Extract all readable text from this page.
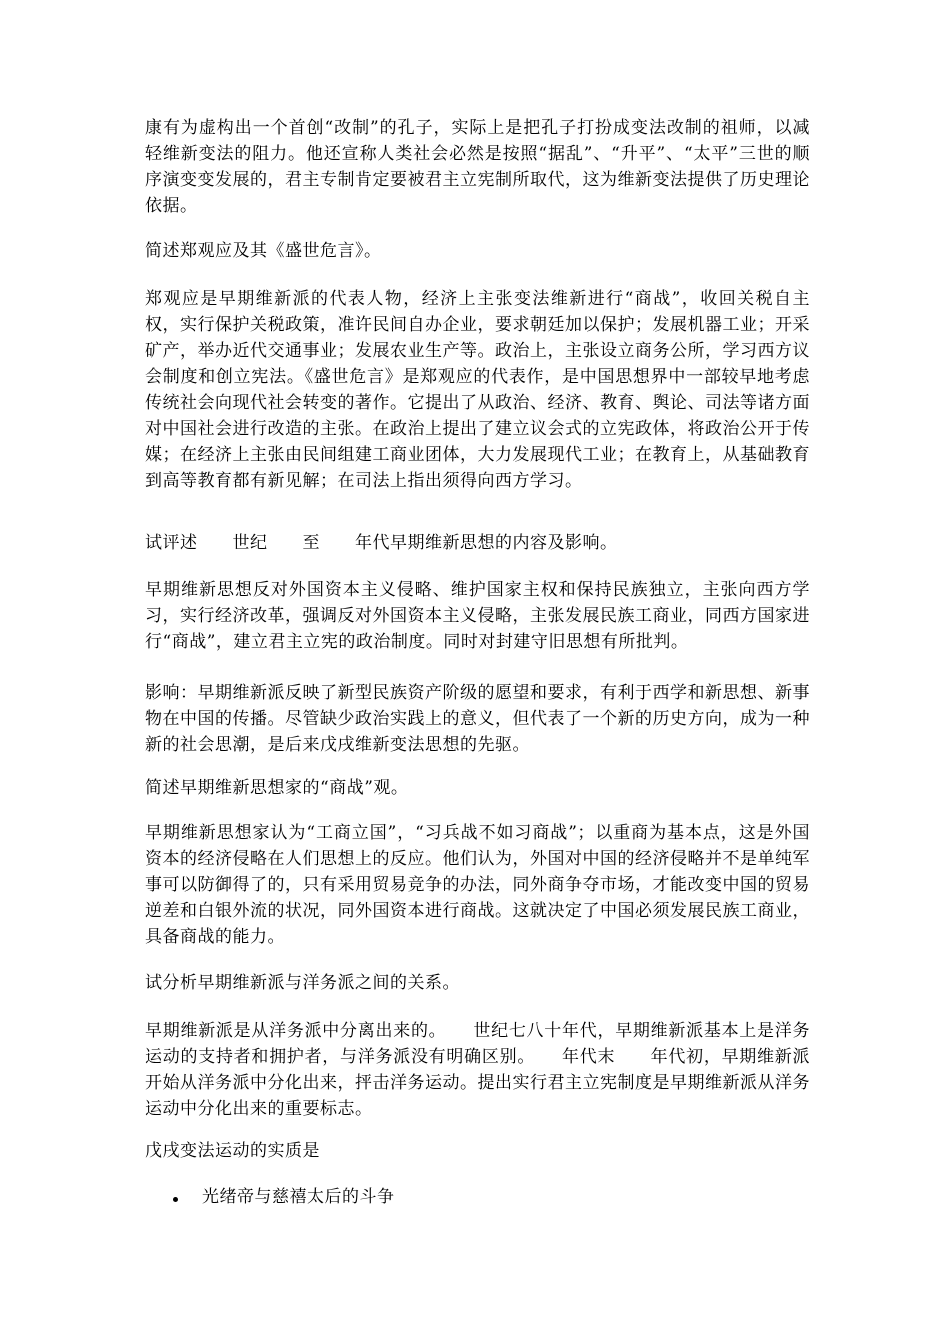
康有为虚构出一个首创“改制”的孔子，实际上是把孔子打扮成变法改制的祖师，以减轻维新变法的阻力。他还宣称人类社会必然是按照“据乱”、“升平”、“太平”三世的顺序演变变发展的，君主专制肯定要被君主立宪制所取代，这为维新变法提供了历史理论依据。

简述郑观应及其《盛世危言》。

郑观应是早期维新派的代表人物，经济上主张变法维新进行“商战”，收回关税自主权，实行保护关税政策，准许民间自办企业，要求朝廷加以保护；发展机器工业；开采矿产，举办近代交通事业；发展农业生产等。政治上，主张设立商务公所，学习西方议会制度和创立宪法。《盛世危言》是郑观应的代表作，是中国思想界中一部较早地考虑传统社会向现代社会转变的著作。它提出了从政治、经济、教育、舆论、司法等诸方面对中国社会进行改造的主张。在政治上提出了建立议会式的立宪政体，将政治公开于传媒；在经济上主张由民间组建工商业团体，大力发展现代工业；在教育上，从基础教育到高等教育都有新见解；在司法上指出须得向西方学习。

试评述　　世纪　　至　　年代早期维新思想的内容及影响。

早期维新思想反对外国资本主义侵略、维护国家主权和保持民族独立，主张向西方学习，实行经济改革，强调反对外国资本主义侵略，主张发展民族工商业，同西方国家进行“商战”，建立君主立宪的政治制度。同时对封建守旧思想有所批判。

影响：早期维新派反映了新型民族资产阶级的愿望和要求，有利于西学和新思想、新事物在中国的传播。尽管缺少政治实践上的意义，但代表了一个新的历史方向，成为一种新的社会思潮，是后来戊戌维新变法思想的先驱。

简述早期维新思想家的“商战”观。

早期维新思想家认为“工商立国”，“习兵战不如习商战”；以重商为基本点，这是外国资本的经济侵略在人们思想上的反应。他们认为，外国对中国的经济侵略并不是单纯军事可以防御得了的，只有采用贸易竞争的办法，同外商争夺市场，才能改变中国的贸易逆差和白银外流的状况，同外国资本进行商战。这就决定了中国必须发展民族工商业，具备商战的能力。

试分析早期维新派与洋务派之间的关系。

早期维新派是从洋务派中分离出来的。　　世纪七八十年代，早期维新派基本上是洋务运动的支持者和拥护者，与洋务派没有明确区别。　　年代末　　年代初，早期维新派开始从洋务派中分化出来，抨击洋务运动。提出实行君主立宪制度是早期维新派从洋务运动中分化出来的重要标志。

戊戌变法运动的实质是

光绪帝与慈禧太后的斗争
